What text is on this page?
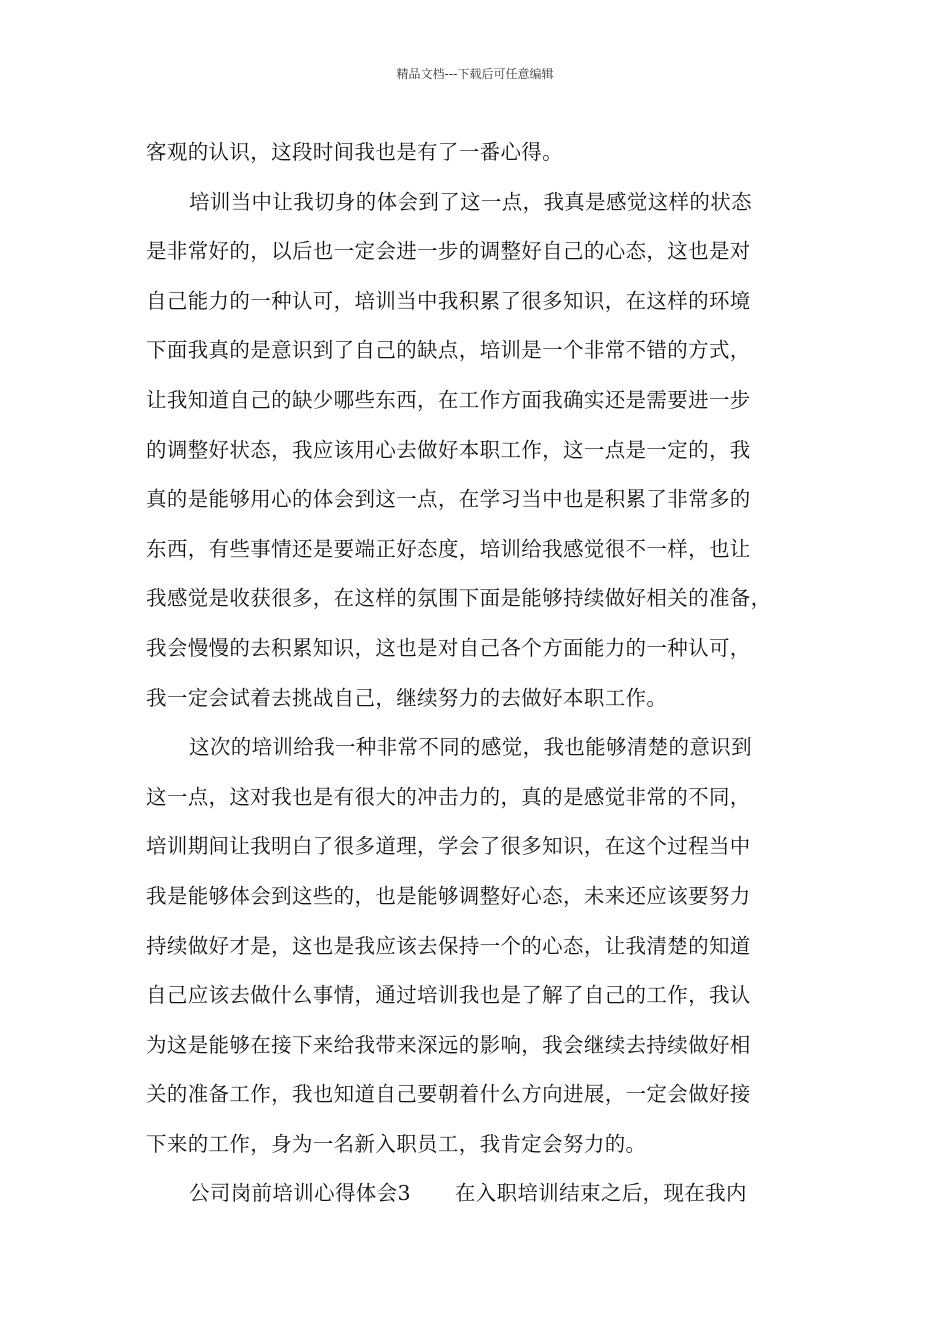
精品文档---下载后可任意编辑
客观的认识，这段时间我也是有了一番心得。
培训当中让我切身的体会到了这一点，我真是感觉这样的状态
是非常好的，以后也一定会进一步的调整好自己的心态，这也是对
自己能力的一种认可，培训当中我积累了很多知识，在这样的环境
下面我真的是意识到了自己的缺点，培训是一个非常不错的方式，
让我知道自己的缺少哪些东西，在工作方面我确实还是需要进一步
的调整好状态，我应该用心去做好本职工作，这一点是一定的，我
真的是能够用心的体会到这一点，在学习当中也是积累了非常多的
东西，有些事情还是要端正好态度，培训给我感觉很不一样，也让
我感觉是收获很多，在这样的氛围下面是能够持续做好相关的准备，
我会慢慢的去积累知识，这也是对自己各个方面能力的一种认可，
我一定会试着去挑战自己，继续努力的去做好本职工作。
这次的培训给我一种非常不同的感觉，我也能够清楚的意识到
这一点，这对我也是有很大的冲击力的，真的是感觉非常的不同，
培训期间让我明白了很多道理，学会了很多知识，在这个过程当中
我是能够体会到这些的，也是能够调整好心态，未来还应该要努力
持续做好才是，这也是我应该去保持一个的心态，让我清楚的知道
自己应该去做什么事情，通过培训我也是了解了自己的工作，我认
为这是能够在接下来给我带来深远的影响，我会继续去持续做好相
关的准备工作，我也知道自己要朝着什么方向进展，一定会做好接
下来的工作，身为一名新入职员工，我肯定会努力的。
公司岗前培训心得体会3 在入职培训结束之后，现在我内
